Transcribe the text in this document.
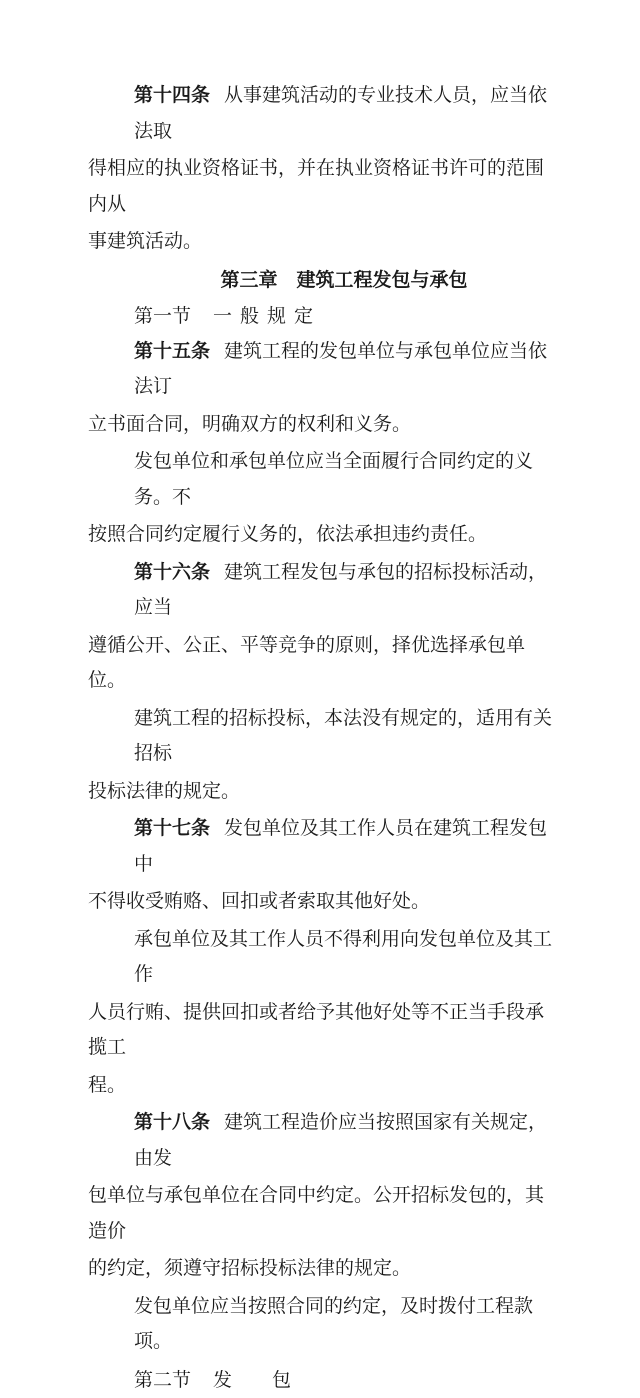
第十四条 从事建筑活动的专业技术人员，应当依法取

得相应的执业资格证书，并在执业资格证书许可的范围内从

事建筑活动。

第三章　建筑工程发包与承包

第一节 一般规定

第十五条 建筑工程的发包单位与承包单位应当依法订

立书面合同，明确双方的权利和义务。

发包单位和承包单位应当全面履行合同约定的义务。不

按照合同约定履行义务的，依法承担违约责任。

第十六条 建筑工程发包与承包的招标投标活动，应当

遵循公开、公正、平等竞争的原则，择优选择承包单位。

建筑工程的招标投标，本法没有规定的，适用有关招标

投标法律的规定。

第十七条 发包单位及其工作人员在建筑工程发包中

不得收受贿赂、回扣或者索取其他好处。

承包单位及其工作人员不得利用向发包单位及其工作

人员行贿、提供回扣或者给予其他好处等不正当手段承揽工

程。

第十八条 建筑工程造价应当按照国家有关规定，由发

包单位与承包单位在合同中约定。公开招标发包的，其造价

的约定，须遵守招标投标法律的规定。

发包单位应当按照合同的约定，及时拨付工程款项。

第二节 发包
